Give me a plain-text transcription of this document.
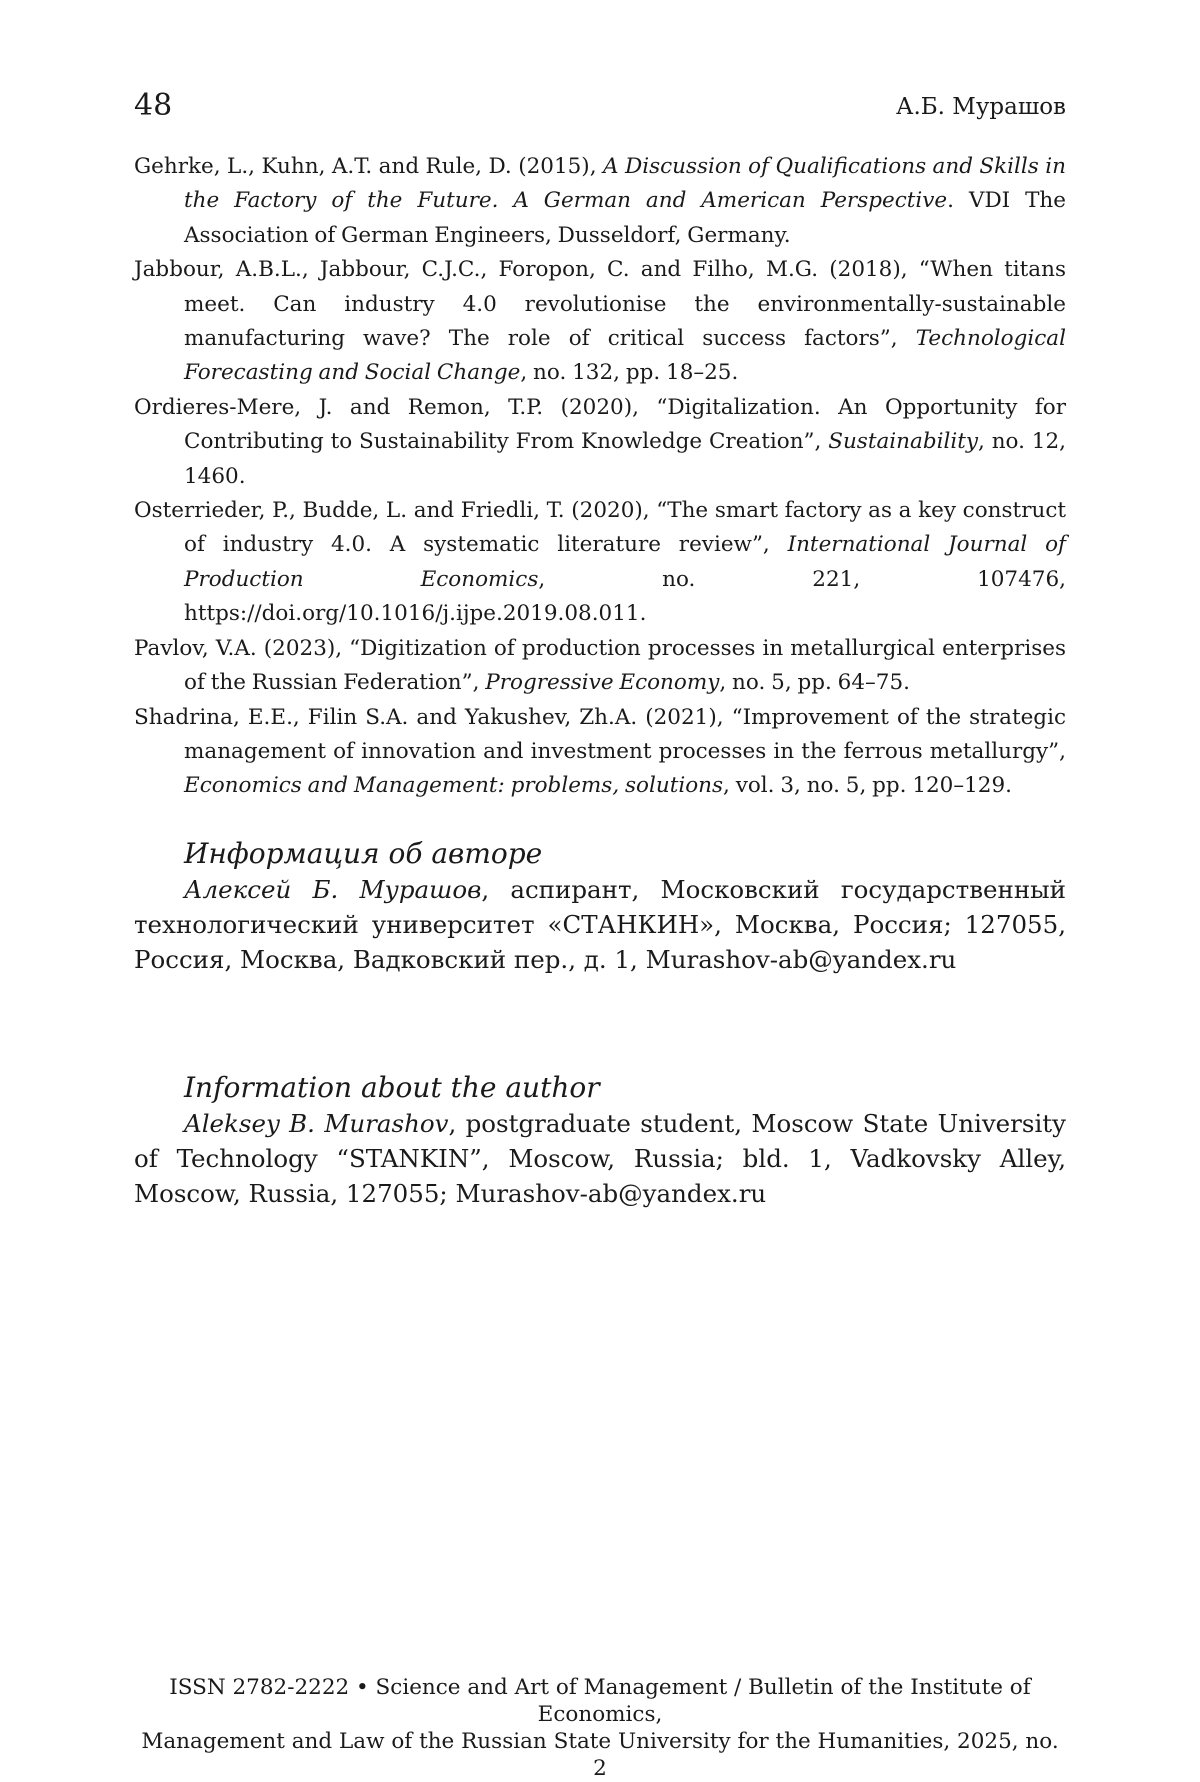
48	А.Б. Мурашов
Gehrke, L., Kuhn, A.T. and Rule, D. (2015), A Discussion of Qualifications and Skills in the Factory of the Future. A German and American Perspective. VDI The Association of German Engineers, Dusseldorf, Germany.
Jabbour, A.B.L., Jabbour, C.J.C., Foropon, C. and Filho, M.G. (2018), “When titans meet. Can industry 4.0 revolutionise the environmentally-sustainable manufacturing wave? The role of critical success factors”, Technological Forecasting and Social Change, no. 132, pp. 18–25.
Ordieres-Mere, J. and Remon, T.P. (2020), “Digitalization. An Opportunity for Contributing to Sustainability From Knowledge Creation”, Sustainability, no. 12, 1460.
Osterrieder, P., Budde, L. and Friedli, T. (2020), “The smart factory as a key construct of industry 4.0. A systematic literature review”, International Journal of Production Economics, no. 221, 107476, https://doi.org/10.1016/j.ijpe.2019.08.011.
Pavlov, V.A. (2023), “Digitization of production processes in metallurgical enterprises of the Russian Federation”, Progressive Economy, no. 5, pp. 64–75.
Shadrina, E.E., Filin S.A. and Yakushev, Zh.A. (2021), “Improvement of the strategic management of innovation and investment processes in the ferrous metallurgy”, Economics and Management: problems, solutions, vol. 3, no. 5, pp. 120–129.
Информация об авторе

Алексей Б. Мурашов, аспирант, Московский государственный технологический университет «СТАНКИН», Москва, Россия; 127055, Россия, Москва, Вадковский пер., д. 1, Murashov-ab@yandex.ru

Information about the author

Aleksey B. Murashov, postgraduate student, Moscow State University of Technology “STANKIN”, Moscow, Russia; bld. 1, Vadkovsky Alley, Moscow, Russia, 127055; Murashov-ab@yandex.ru

ISSN 2782-2222 • Science and Art of Management / Bulletin of the Institute of Economics,
Management and Law of the Russian State University for the Humanities, 2025, no. 2
